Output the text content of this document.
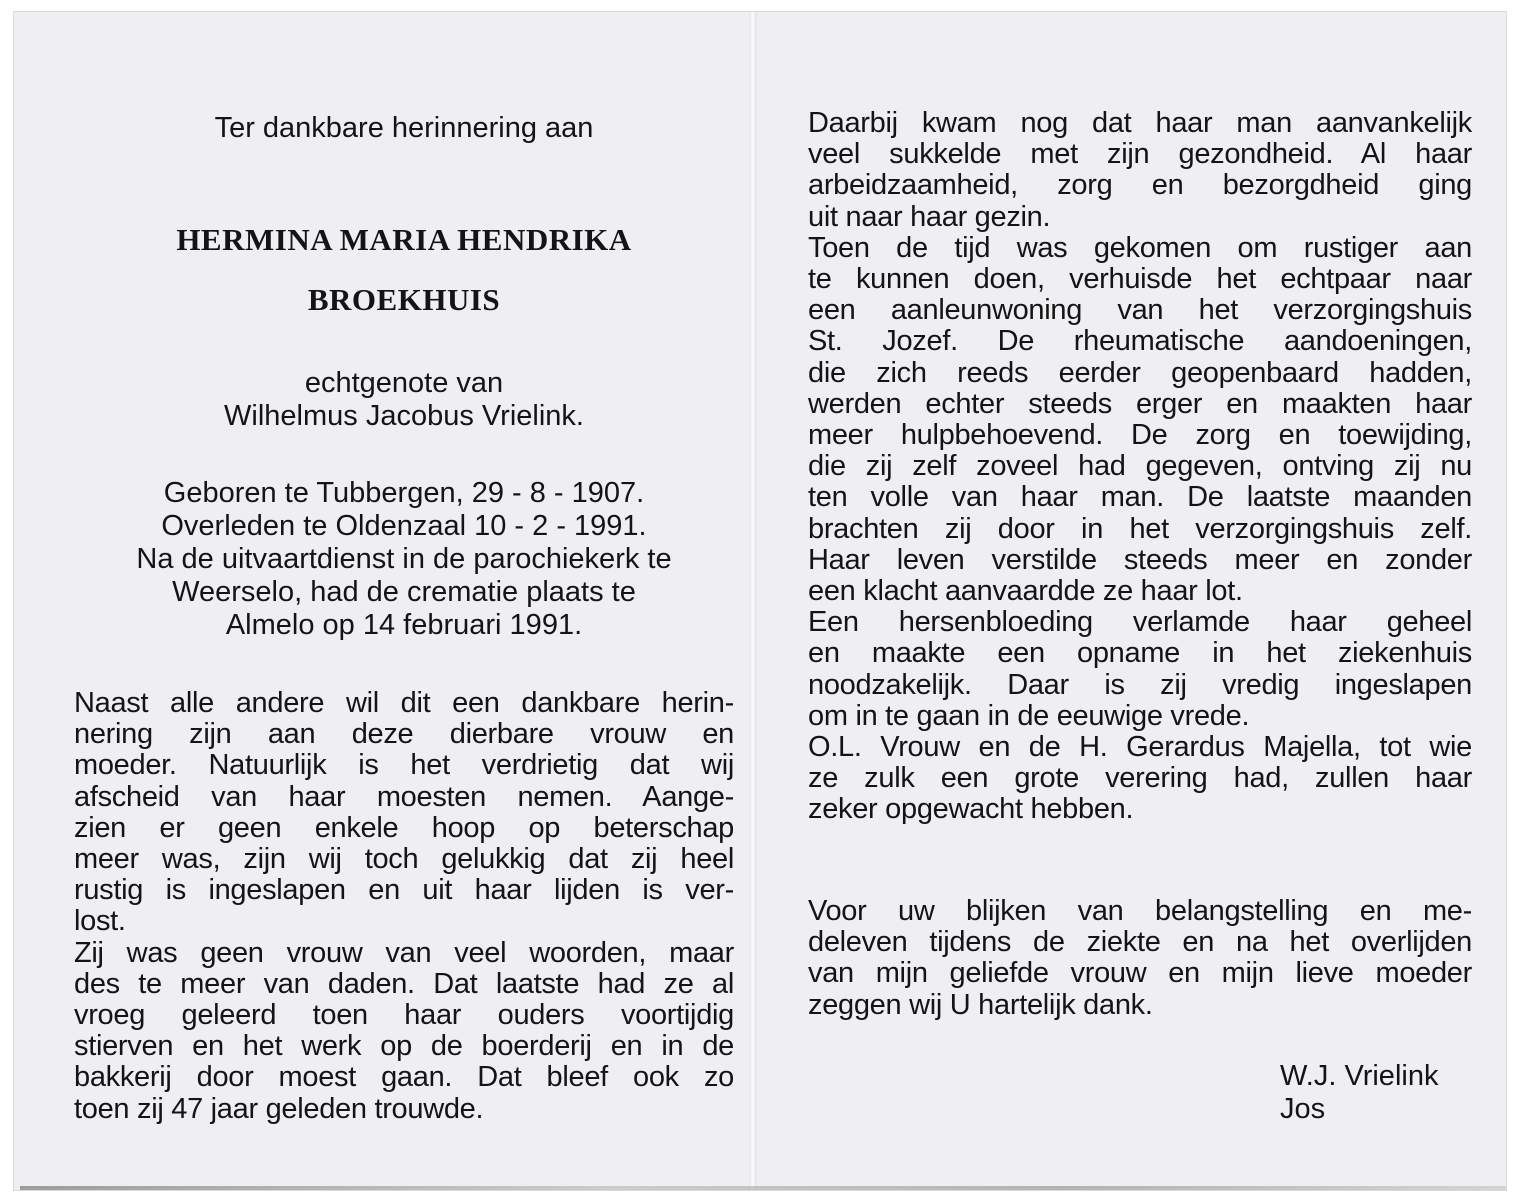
Ter dankbare herinnering aan
HERMINA MARIA HENDRIKA
BROEKHUIS
echtgenote van
Wilhelmus Jacobus Vrielink.
Geboren te Tubbergen, 29 - 8 - 1907.
Overleden te Oldenzaal 10 - 2 - 1991.
Na de uitvaartdienst in de parochiekerk te
Weerselo, had de crematie plaats te
Almelo op 14 februari 1991.
Naast alle andere wil dit een dankbare herin-
nering zijn aan deze dierbare vrouw en
moeder. Natuurlijk is het verdrietig dat wij
afscheid van haar moesten nemen. Aange-
zien er geen enkele hoop op beterschap
meer was, zijn wij toch gelukkig dat zij heel
rustig is ingeslapen en uit haar lijden is ver-
lost.
Zij was geen vrouw van veel woorden, maar
des te meer van daden. Dat laatste had ze al
vroeg geleerd toen haar ouders voortijdig
stierven en het werk op de boerderij en in de
bakkerij door moest gaan. Dat bleef ook zo
toen zij 47 jaar geleden trouwde.
Daarbij kwam nog dat haar man aanvankelijk
veel sukkelde met zijn gezondheid. Al haar
arbeidzaamheid, zorg en bezorgdheid ging
uit naar haar gezin.
Toen de tijd was gekomen om rustiger aan
te kunnen doen, verhuisde het echtpaar naar
een aanleunwoning van het verzorgingshuis
St. Jozef. De rheumatische aandoeningen,
die zich reeds eerder geopenbaard hadden,
werden echter steeds erger en maakten haar
meer hulpbehoevend. De zorg en toewijding,
die zij zelf zoveel had gegeven, ontving zij nu
ten volle van haar man. De laatste maanden
brachten zij door in het verzorgingshuis zelf.
Haar leven verstilde steeds meer en zonder
een klacht aanvaardde ze haar lot.
Een hersenbloeding verlamde haar geheel
en maakte een opname in het ziekenhuis
noodzakelijk. Daar is zij vredig ingeslapen
om in te gaan in de eeuwige vrede.
O.L. Vrouw en de H. Gerardus Majella, tot wie
ze zulk een grote verering had, zullen haar
zeker opgewacht hebben.
Voor uw blijken van belangstelling en me-
deleven tijdens de ziekte en na het overlijden
van mijn geliefde vrouw en mijn lieve moeder
zeggen wij U hartelijk dank.
W.J. Vrielink
Jos
